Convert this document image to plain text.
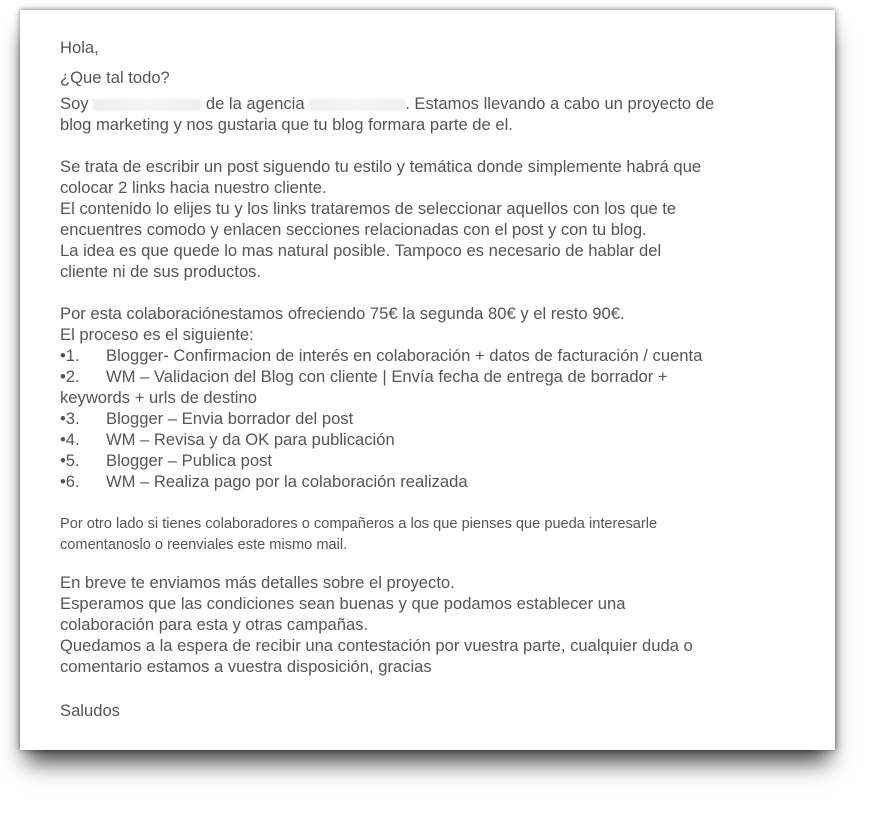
Hola,
¿Que tal todo?
Soy	de la agencia	. Estamos llevando a cabo un proyecto de
blog marketing y nos gustaria que tu blog formara parte de el.
Se trata de escribir un post siguendo tu estilo y temática donde simplemente habrá que
colocar 2 links hacia nuestro cliente.
El contenido lo elijes tu y los links trataremos de seleccionar aquellos con los que te
encuentres comodo y enlacen secciones relacionadas con el post y con tu blog.
La idea es que quede lo mas natural posible. Tampoco es necesario de hablar del
cliente ni de sus productos.
Por esta colaboraciónestamos ofreciendo 75€ la segunda 80€ y el resto 90€.
El proceso es el siguiente:
•1. Blogger- Confirmacion de interés en colaboración + datos de facturación / cuenta
•2. WM – Validacion del Blog con cliente | Envía fecha de entrega de borrador +
keywords + urls de destino
•3. Blogger – Envia borrador del post
•4. WM – Revisa y da OK para publicación
•5. Blogger – Publica post
•6. WM – Realiza pago por la colaboración realizada
Por otro lado si tienes colaboradores o compañeros a los que pienses que pueda interesarle
comentanoslo o reenviales este mismo mail.
En breve te enviamos más detalles sobre el proyecto.
Esperamos que las condiciones sean buenas y que podamos establecer una
colaboración para esta y otras campañas.
Quedamos a la espera de recibir una contestación por vuestra parte, cualquier duda o
comentario estamos a vuestra disposición, gracias
Saludos
